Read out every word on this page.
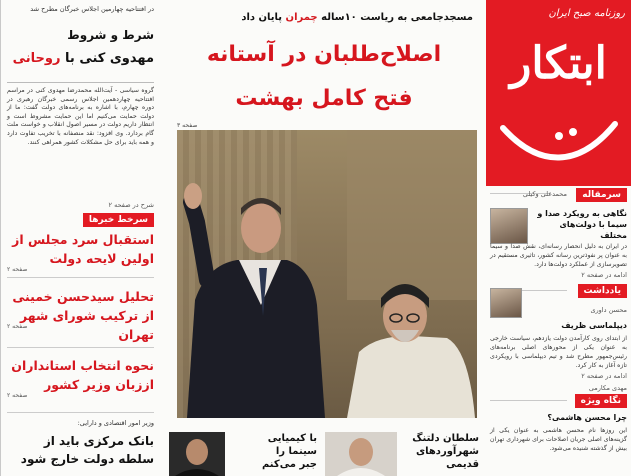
روزنامه صبح ایران
ابتکار
سرمقاله
محمدعلی وکیلی
نگاهی به رویکرد صدا و سیما با دولت‌های مختلف
در ایران به دلیل انحصار رسانه‌ای، نقش صدا و سیما به عنوان پر نفوذترین رسانه کشور، تاثیری مستقیم در تصویرسازی از عملکرد دولت‌ها دارد.
ادامه در صفحه ۲
یادداشت
محسن داوری
دیپلماسی ظریف
از ابتدای روی کارآمدن دولت یازدهم، سیاست خارجی به عنوان یکی از محورهای اصلی برنامه‌های رئیس‌جمهور مطرح شد و تیم دیپلماسی با رویکردی تازه آغاز به کار کرد.
ادامه در صفحه ۲
مهدی مکارمی
نگاه ویژه
چرا محسن هاشمی؟
این روزها نام محسن هاشمی به عنوان یکی از گزینه‌های اصلی جریان اصلاحات برای شهرداری تهران بیش از گذشته شنیده می‌شود.
مسجدجامعی به ریاست ۱۰ساله چمران پایان داد
اصلاح‌طلبان در آستانه
فتح کامل بهشت
صفحه ۳
سلطان دلتنگ
شهرآوردهای
قدیمی
با کیمیایی
سینما را
جبر می‌کنم
در افتتاحیه چهارمین اجلاس خبرگان مطرح شد
شرط و شروط
مهدوی کنی با روحانی
گروه سیاسی - آیت‌الله محمدرضا مهدوی کنی در مراسم افتتاحیه چهاردهمین اجلاس رسمی خبرگان رهبری در دوره چهارم، با اشاره به برنامه‌های دولت گفت: ما از دولت حمایت می‌کنیم اما این حمایت مشروط است و انتظار داریم دولت در مسیر اصول انقلاب و خواست ملت گام بردارد. وی افزود: نقد منصفانه با تخریب تفاوت دارد و همه باید برای حل مشکلات کشور همراهی کنند.
شرح در صفحه ۲
سرخط خبرها
استقبال سرد مجلس از اولین لایحه دولت
صفحه ۲
تحلیل سیدحسن خمینی از ترکیب شورای شهر تهران
صفحه ۲
نحوه انتخاب استانداران اززبان وزیر کشور
صفحه ۲
وزیر امور اقتصادی و دارایی:
بانک مرکزی باید از سلطه دولت خارج شود
